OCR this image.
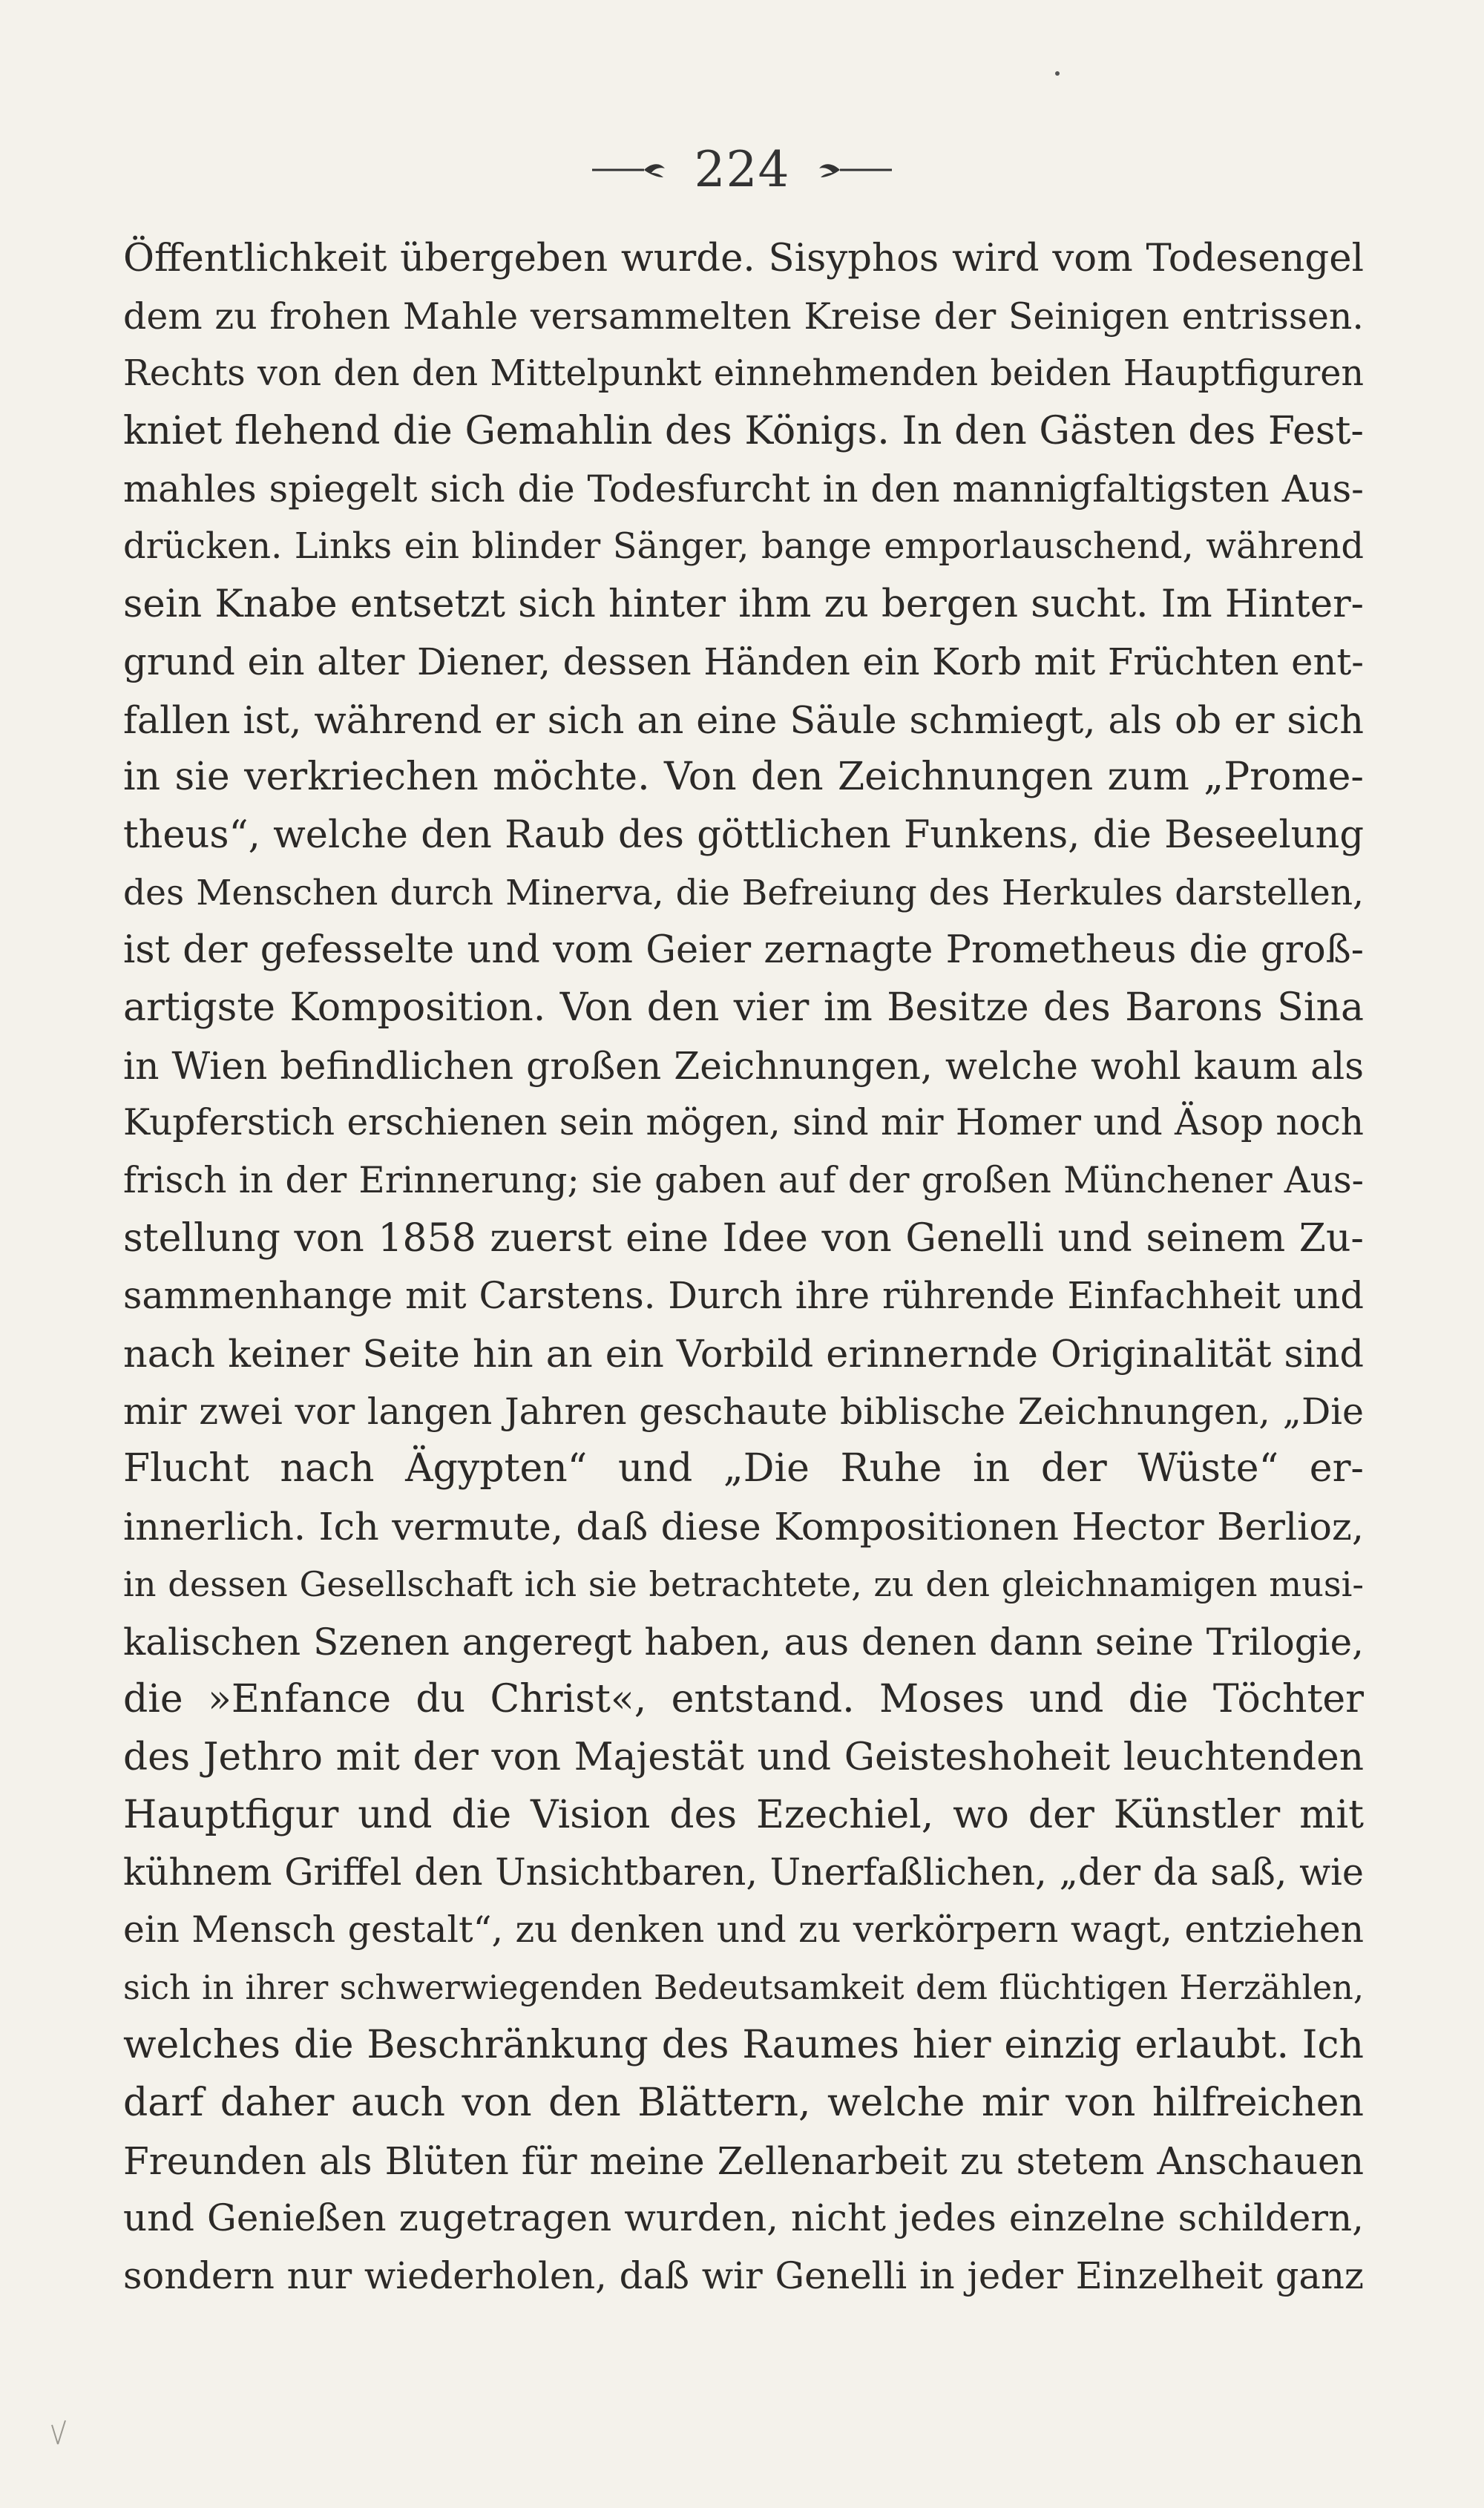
224
Öffentlichkeit übergeben wurde. Sisyphos wird vom Todesengel
dem zu frohen Mahle versammelten Kreise der Seinigen entrissen.
Rechts von den den Mittelpunkt einnehmenden beiden Hauptfiguren
kniet flehend die Gemahlin des Königs. In den Gästen des Fest-
mahles spiegelt sich die Todesfurcht in den mannigfaltigsten Aus-
drücken. Links ein blinder Sänger, bange emporlauschend, während
sein Knabe entsetzt sich hinter ihm zu bergen sucht. Im Hinter-
grund ein alter Diener, dessen Händen ein Korb mit Früchten ent-
fallen ist, während er sich an eine Säule schmiegt, als ob er sich
in sie verkriechen möchte. Von den Zeichnungen zum „Prome-
theus“, welche den Raub des göttlichen Funkens, die Beseelung
des Menschen durch Minerva, die Befreiung des Herkules darstellen,
ist der gefesselte und vom Geier zernagte Prometheus die groß-
artigste Komposition. Von den vier im Besitze des Barons Sina
in Wien befindlichen großen Zeichnungen, welche wohl kaum als
Kupferstich erschienen sein mögen, sind mir Homer und Äsop noch
frisch in der Erinnerung; sie gaben auf der großen Münchener Aus-
stellung von 1858 zuerst eine Idee von Genelli und seinem Zu-
sammenhange mit Carstens. Durch ihre rührende Einfachheit und
nach keiner Seite hin an ein Vorbild erinnernde Originalität sind
mir zwei vor langen Jahren geschaute biblische Zeichnungen, „Die
Flucht nach Ägypten“ und „Die Ruhe in der Wüste“ er-
innerlich. Ich vermute, daß diese Kompositionen Hector Berlioz,
in dessen Gesellschaft ich sie betrachtete, zu den gleichnamigen musi-
kalischen Szenen angeregt haben, aus denen dann seine Trilogie,
die »Enfance du Christ«, entstand. Moses und die Töchter
des Jethro mit der von Majestät und Geisteshoheit leuchtenden
Hauptfigur und die Vision des Ezechiel, wo der Künstler mit
kühnem Griffel den Unsichtbaren, Unerfaßlichen, „der da saß, wie
ein Mensch gestalt“, zu denken und zu verkörpern wagt, entziehen
sich in ihrer schwerwiegenden Bedeutsamkeit dem flüchtigen Herzählen,
welches die Beschränkung des Raumes hier einzig erlaubt. Ich
darf daher auch von den Blättern, welche mir von hilfreichen
Freunden als Blüten für meine Zellenarbeit zu stetem Anschauen
und Genießen zugetragen wurden, nicht jedes einzelne schildern,
sondern nur wiederholen, daß wir Genelli in jeder Einzelheit ganz
